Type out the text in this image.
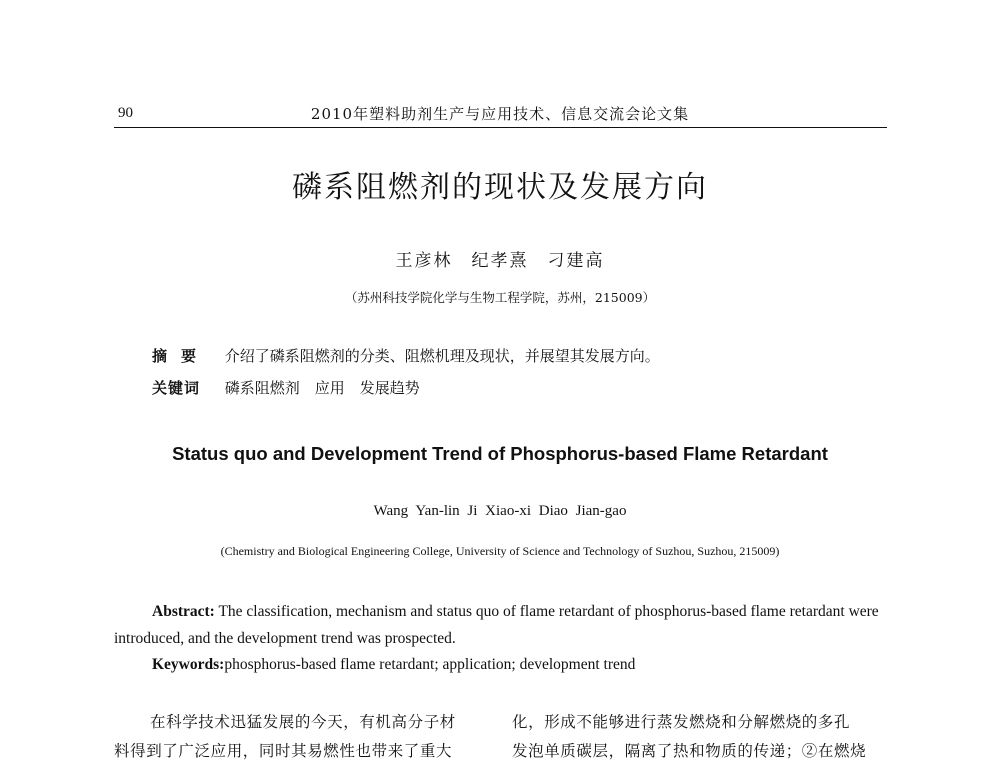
90	2010年塑料助剂生产与应用技术、信息交流会论文集
磷系阻燃剂的现状及发展方向
王彦林　纪孝熹　刁建高
（苏州科技学院化学与生物工程学院，苏州，215009）
摘要 介绍了磷系阻燃剂的分类、阻燃机理及现状，并展望其发展方向。
关键词 磷系阻燃剂　应用　发展趋势
Status quo and Development Trend of Phosphorus-based Flame Retardant
Wang Yan-lin Ji Xiao-xi Diao Jian-gao
(Chemistry and Biological Engineering College, University of Science and Technology of Suzhou, Suzhou, 215009)

Abstract: The classification, mechanism and status quo of flame retardant of phosphorus-based flame retardant were introduced, and the development trend was prospected.

Keywords:phosphorus-based flame retardant; application; development trend
在科学技术迅猛发展的今天，有机高分子材
料得到了广泛应用，同时其易燃性也带来了重大
化，形成不能够进行蒸发燃烧和分解燃烧的多孔
发泡单质碳层，隔离了热和物质的传递；②在燃烧
